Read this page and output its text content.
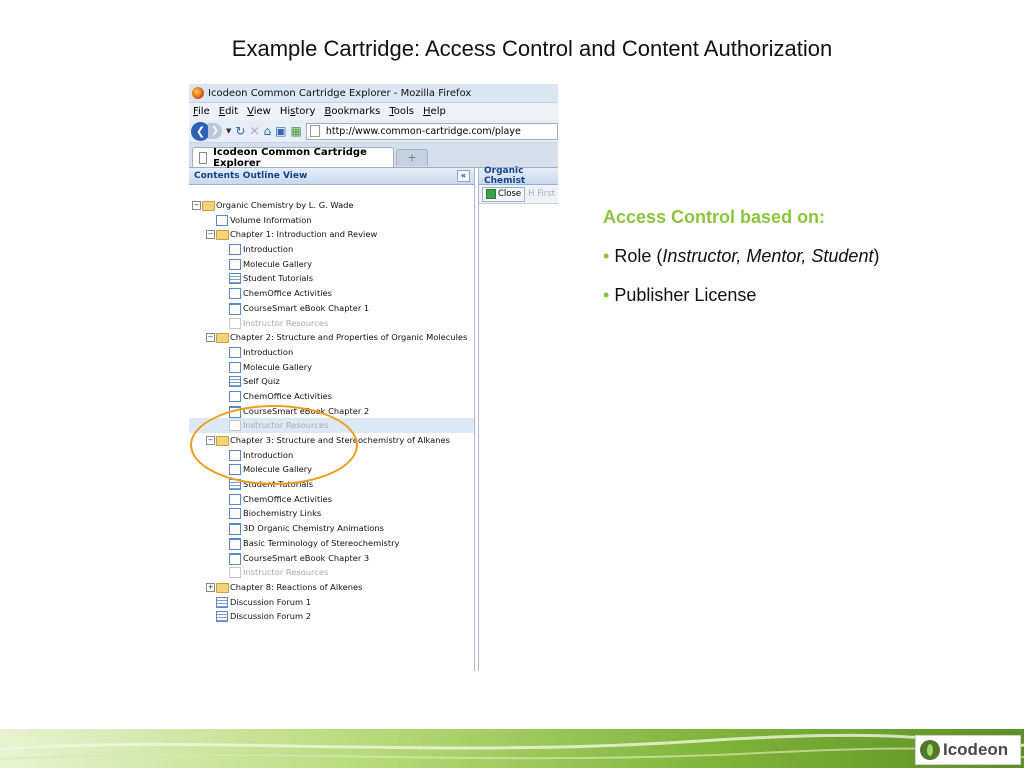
Example Cartridge: Access Control and Content Authorization
Icodeon Common Cartridge Explorer - Mozilla Firefox
File Edit View History Bookmarks Tools Help
❮ ❯	▼ ↻ ✕ ⌂ ▣ ▦	http://www.common-cartridge.com/playe
Icodeon Common Cartridge Explorer	+
Contents Outline View	«
− Organic Chemistry by L. G. Wade
Volume Information
− Chapter 1: Introduction and Review
Introduction
Molecule Gallery
Student Tutorials
ChemOffice Activities
CourseSmart eBook Chapter 1
Instructor Resources
− Chapter 2: Structure and Properties of Organic Molecules
Introduction
Molecule Gallery
Self Quiz
ChemOffice Activities
CourseSmart eBook Chapter 2
Instructor Resources
− Chapter 3: Structure and Stereochemistry of Alkanes
Introduction
Molecule Gallery
Student Tutorials
ChemOffice Activities
Biochemistry Links
3D Organic Chemistry Animations
Basic Terminology of Stereochemistry
CourseSmart eBook Chapter 3
Instructor Resources
+ Chapter 8: Reactions of Alkenes
Discussion Forum 1
Discussion Forum 2
Organic Chemist
Close H First
Access Control based on:
• Role (Instructor, Mentor, Student)
• Publisher License
Icodeon
